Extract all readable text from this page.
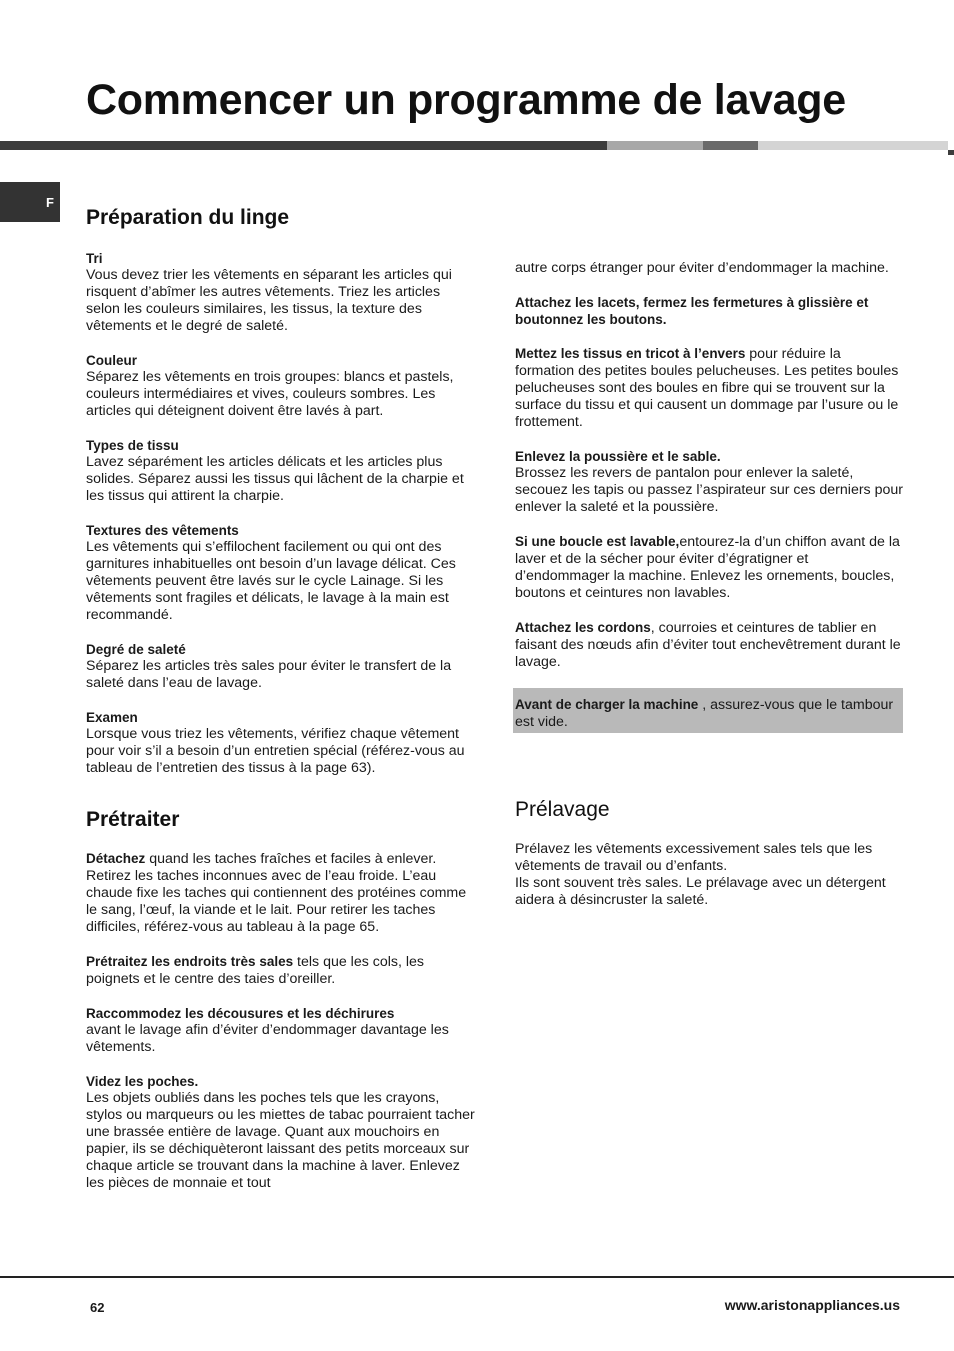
Commencer un programme de lavage
F
Préparation du linge
Tri

Vous devez trier les vêtements en séparant les articles qui risquent d’abîmer les autres vêtements. Triez les articles selon les couleurs similaires, les tissus, la texture des vêtements et le degré de saleté.

Couleur

Séparez les vêtements en trois groupes: blancs et pastels, couleurs intermédiaires et vives, couleurs sombres. Les articles qui déteignent doivent être lavés à part.

Types de tissu

Lavez séparément les articles délicats et les articles plus solides. Séparez aussi les tissus qui lâchent de la charpie et les tissus qui attirent la charpie.

Textures des vêtements

Les vêtements qui s’effilochent facilement ou qui ont des garnitures inhabituelles ont besoin d’un lavage délicat. Ces vêtements peuvent être lavés sur le cycle Lainage. Si les vêtements sont fragiles et délicats, le lavage à la main est recommandé.

Degré de saleté

Séparez les articles très sales pour éviter le transfert de la saleté dans l’eau de lavage.

Examen

Lorsque vous triez les vêtements, vérifiez chaque vêtement pour voir s’il a besoin d’un entretien spécial (référez-vous au tableau de l’entretien des tissus à la page 63).

Prétraiter

Détachez quand les taches fraîches et faciles à enlever. Retirez les taches inconnues avec de l’eau froide. L’eau chaude fixe les taches qui contiennent des protéines comme le sang, l’œuf, la viande et le lait. Pour retirer les taches difficiles, référez-vous au tableau à la page 65.

Prétraitez les endroits très sales tels que les cols, les poignets et le centre des taies d’oreiller.

Raccommodez les décousures et les déchirures

avant le lavage afin d’éviter d’endommager davantage les vêtements.

Videz les poches.

Les objets oubliés dans les poches tels que les crayons, stylos ou marqueurs ou les miettes de tabac pourraient tacher une brassée entière de lavage. Quant aux mouchoirs en papier, ils se déchiquèteront laissant des petits morceaux sur chaque article se trouvant dans la machine à laver. Enlevez les pièces de monnaie et tout

autre corps étranger pour éviter d’endommager la machine.

Attachez les lacets, fermez les fermetures à glissière et boutonnez les boutons.

Mettez les tissus en tricot à l’envers pour réduire la formation des petites boules pelucheuses. Les petites boules pelucheuses sont des boules en fibre qui se trouvent sur la surface du tissu et qui causent un dommage par l’usure ou le frottement.

Enlevez la poussière et le sable.

Brossez les revers de pantalon pour enlever la saleté, secouez les tapis ou passez l’aspirateur sur ces derniers pour enlever la saleté et la poussière.

Si une boucle est lavable,entourez-la d’un chiffon avant de la laver et de la sécher pour éviter d’égratigner et d’endommager la machine. Enlevez les ornements, boucles, boutons et ceintures non lavables.

Attachez les cordons, courroies et ceintures de tablier en faisant des nœuds afin d’éviter tout enchevêtrement durant le lavage.

Avant de charger la machine , assurez-vous que le tambour est vide.

Prélavage

Prélavez les vêtements excessivement sales tels que les vêtements de travail ou d’enfants.

Ils sont souvent très sales. Le prélavage avec un détergent aidera à désincruster la saleté.

62	www.aristonappliances.us
